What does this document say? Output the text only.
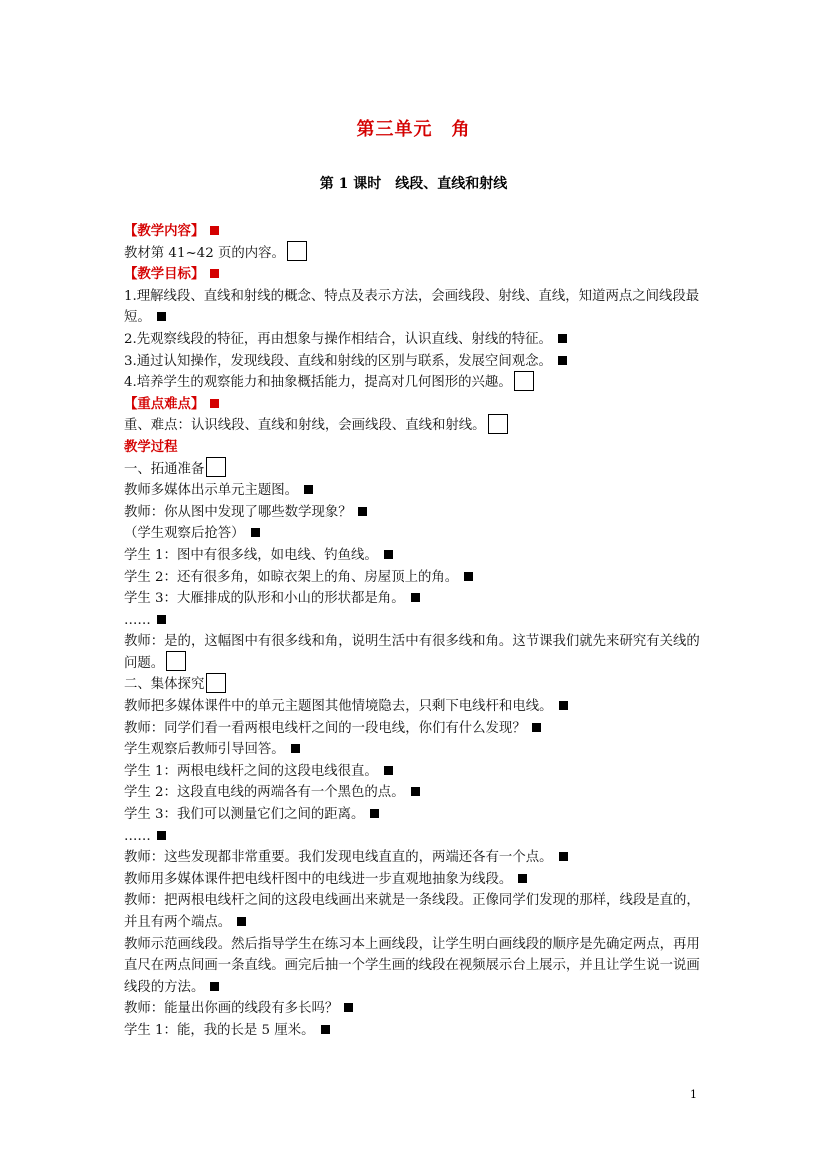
第三单元　角
第 1 课时　线段、直线和射线
【教学内容】
教材第 41~42 页的内容。
【教学目标】
1.理解线段、直线和射线的概念、特点及表示方法，会画线段、射线、直线，知道两点之间线段最短。
2.先观察线段的特征，再由想象与操作相结合，认识直线、射线的特征。
3.通过认知操作，发现线段、直线和射线的区别与联系，发展空间观念。
4.培养学生的观察能力和抽象概括能力，提高对几何图形的兴趣。
【重点难点】
重、难点：认识线段、直线和射线，会画线段、直线和射线。
教学过程
一、拓通准备
教师多媒体出示单元主题图。
教师：你从图中发现了哪些数学现象？
（学生观察后抢答）
学生 1：图中有很多线，如电线、钓鱼线。
学生 2：还有很多角，如晾衣架上的角、房屋顶上的角。
学生 3：大雁排成的队形和小山的形状都是角。
……
教师：是的，这幅图中有很多线和角，说明生活中有很多线和角。这节课我们就先来研究有关线的问题。
二、集体探究
教师把多媒体课件中的单元主题图其他情境隐去，只剩下电线杆和电线。
教师：同学们看一看两根电线杆之间的一段电线，你们有什么发现？
学生观察后教师引导回答。
学生 1：两根电线杆之间的这段电线很直。
学生 2：这段直电线的两端各有一个黑色的点。
学生 3：我们可以测量它们之间的距离。
……
教师：这些发现都非常重要。我们发现电线直直的，两端还各有一个点。
教师用多媒体课件把电线杆图中的电线进一步直观地抽象为线段。
教师：把两根电线杆之间的这段电线画出来就是一条线段。正像同学们发现的那样，线段是直的，并且有两个端点。
教师示范画线段。然后指导学生在练习本上画线段，让学生明白画线段的顺序是先确定两点，再用直尺在两点间画一条直线。画完后抽一个学生画的线段在视频展示台上展示，并且让学生说一说画线段的方法。
教师：能量出你画的线段有多长吗？
学生 1：能，我的长是 5 厘米。
1
